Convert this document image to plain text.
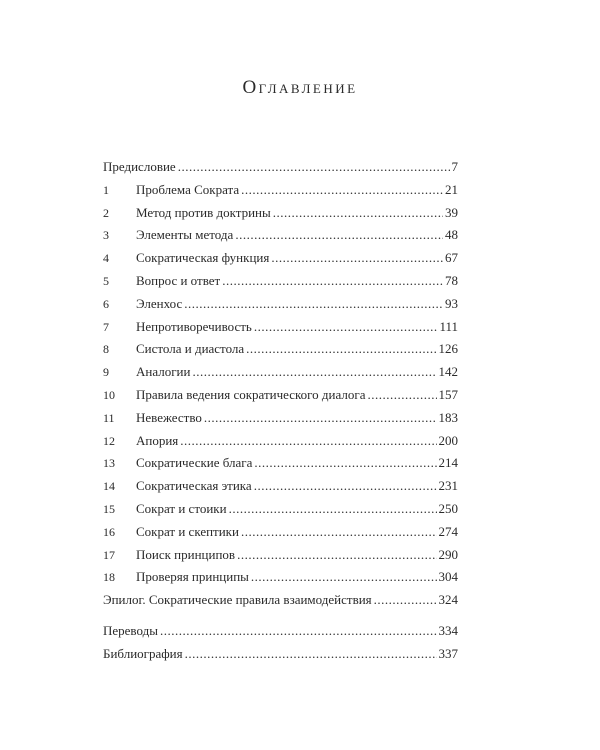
Оглавление
Предисловие .....	7
1	Проблема Сократа .....	21
2	Метод против доктрины .....	39
3	Элементы метода .....	48
4	Сократическая функция .....	67
5	Вопрос и ответ .....	78
6	Эленхос .....	93
7	Непротиворечивость .....	111
8	Систола и диастола .....	126
9	Аналогии .....	142
10	Правила ведения сократического диалога .....	157
11	Невежество .....	183
12	Апория .....	200
13	Сократические блага .....	214
14	Сократическая этика .....	231
15	Сократ и стоики .....	250
16	Сократ и скептики .....	274
17	Поиск принципов .....	290
18	Проверяя принципы .....	304
Эпилог. Сократические правила взаимодействия .....	324
Переводы .....	334
Библиография .....	337
